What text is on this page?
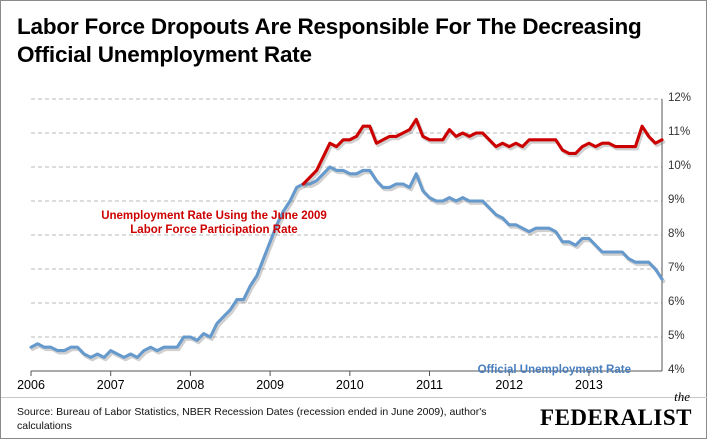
Labor Force Dropouts Are Responsible For The Decreasing Official Unemployment Rate
Unemployment Rate Using the June 2009 Labor Force Participation Rate
Official Unemployment Rate	4%
5%
6%
7%
8%
9%
10%
11%
12%
2006	2007	2008	2009	2010	2011	2012	2013
Source: Bureau of Labor Statistics, NBER Recession Dates (recession ended in June 2009), author's calculations
the
FEDERALIST
